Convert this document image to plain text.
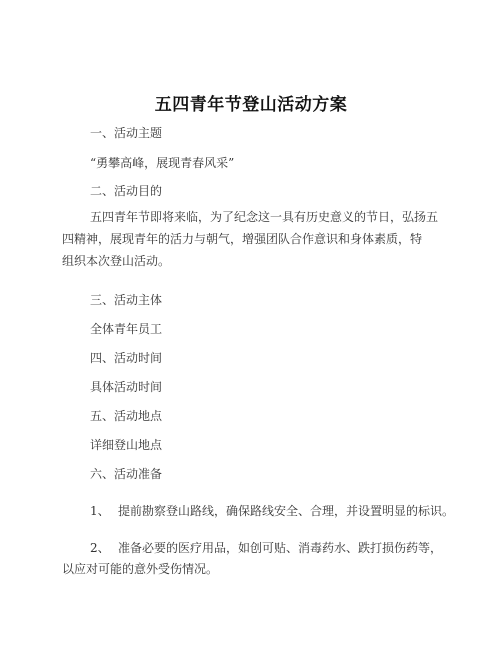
五四青年节登山活动方案
一、活动主题
“勇攀高峰，展现青春风采”
二、活动目的
五四青年节即将来临，为了纪念这一具有历史意义的节日，弘扬五
四精神，展现青年的活力与朝气，增强团队合作意识和身体素质，特
组织本次登山活动。
三、活动主体
全体青年员工
四、活动时间
具体活动时间
五、活动地点
详细登山地点
六、活动准备
1、 提前勘察登山路线，确保路线安全、合理，并设置明显的标识。
2、 准备必要的医疗用品，如创可贴、消毒药水、跌打损伤药等，
以应对可能的意外受伤情况。
